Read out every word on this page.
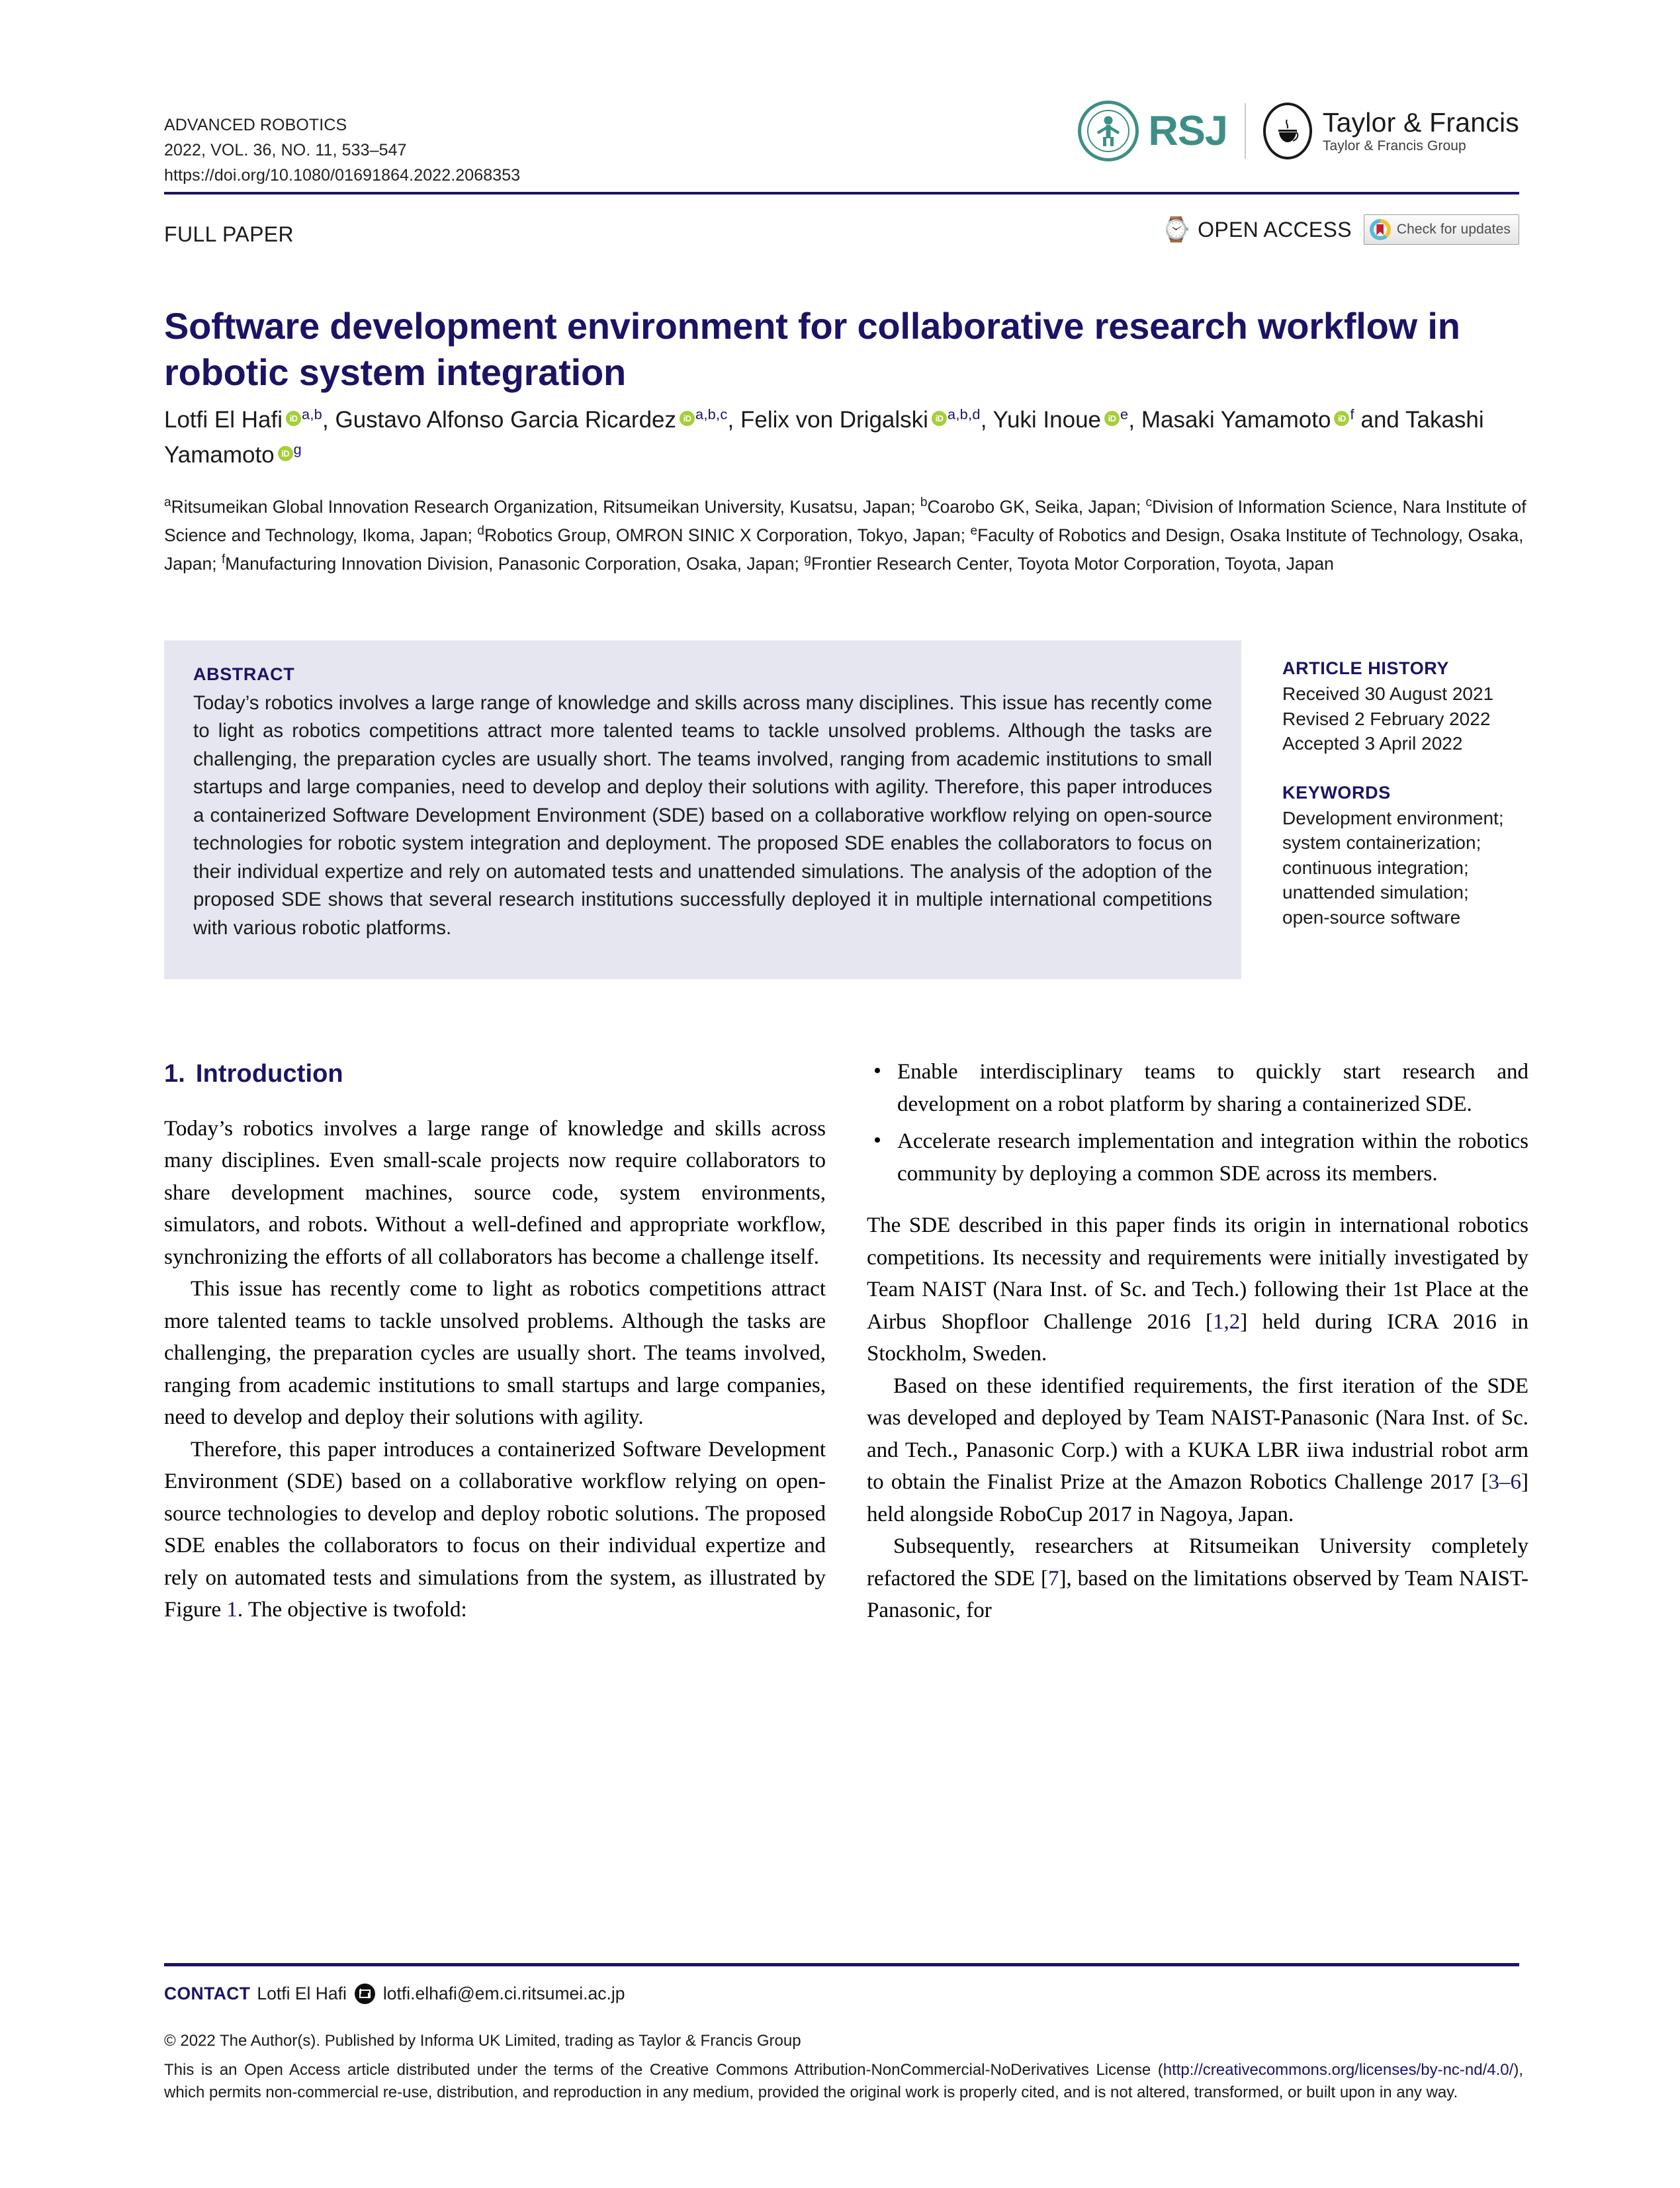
ADVANCED ROBOTICS
2022, VOL. 36, NO. 11, 533–547
https://doi.org/10.1080/01691864.2022.2068353
RSJ	Taylor & Francis
Taylor & Francis Group
FULL PAPER	⌚ OPEN ACCESS	Check for updates
Software development environment for collaborative research workflow in robotic system integration
Lotfi El Hafi iD $^{a,b}$, Gustavo Alfonso Garcia Ricardez iD $^{a,b,c}$, Felix von Drigalski iD $^{a,b,d}$, Yuki Inoue iD $^e$, Masaki Yamamoto iD $^f$ and Takashi Yamamoto iD $^g$
$^a$Ritsumeikan Global Innovation Research Organization, Ritsumeikan University, Kusatsu, Japan; $^b$Coarobo GK, Seika, Japan; $^c$Division of Information Science, Nara Institute of Science and Technology, Ikoma, Japan; $^d$Robotics Group, OMRON SINIC X Corporation, Tokyo, Japan; $^e$Faculty of Robotics and Design, Osaka Institute of Technology, Osaka, Japan; $^f$Manufacturing Innovation Division, Panasonic Corporation, Osaka, Japan; $^g$Frontier Research Center, Toyota Motor Corporation, Toyota, Japan
ABSTRACT
Today’s robotics involves a large range of knowledge and skills across many disciplines. This issue has recently come to light as robotics competitions attract more talented teams to tackle unsolved problems. Although the tasks are challenging, the preparation cycles are usually short. The teams involved, ranging from academic institutions to small startups and large companies, need to develop and deploy their solutions with agility. Therefore, this paper introduces a containerized Software Development Environment (SDE) based on a collaborative workflow relying on open-source technologies for robotic system integration and deployment. The proposed SDE enables the collaborators to focus on their individual expertize and rely on automated tests and unattended simulations. The analysis of the adoption of the proposed SDE shows that several research institutions successfully deployed it in multiple international competitions with various robotic platforms.
ARTICLE HISTORY
Received 30 August 2021
Revised 2 February 2022
Accepted 3 April 2022
KEYWORDS
Development environment;
system containerization;
continuous integration;
unattended simulation;
open-source software
1. Introduction

Today’s robotics involves a large range of knowledge and skills across many disciplines. Even small-scale projects now require collaborators to share development machines, source code, system environments, simulators, and robots. Without a well-defined and appropriate workflow, synchronizing the efforts of all collaborators has become a challenge itself.

This issue has recently come to light as robotics competitions attract more talented teams to tackle unsolved problems. Although the tasks are challenging, the preparation cycles are usually short. The teams involved, ranging from academic institutions to small startups and large companies, need to develop and deploy their solutions with agility.

Therefore, this paper introduces a containerized Software Development Environment (SDE) based on a collaborative workflow relying on open-source technologies to develop and deploy robotic solutions. The proposed SDE enables the collaborators to focus on their individual expertize and rely on automated tests and simulations from the system, as illustrated by Figure 1. The objective is twofold:

• Enable interdisciplinary teams to quickly start research and development on a robot platform by sharing a containerized SDE.
• Accelerate research implementation and integration within the robotics community by deploying a common SDE across its members.

The SDE described in this paper finds its origin in international robotics competitions. Its necessity and requirements were initially investigated by Team NAIST (Nara Inst. of Sc. and Tech.) following their 1st Place at the Airbus Shopfloor Challenge 2016 [1,2] held during ICRA 2016 in Stockholm, Sweden.

Based on these identified requirements, the first iteration of the SDE was developed and deployed by Team NAIST-Panasonic (Nara Inst. of Sc. and Tech., Panasonic Corp.) with a KUKA LBR iiwa industrial robot arm to obtain the Finalist Prize at the Amazon Robotics Challenge 2017 [3–6] held alongside RoboCup 2017 in Nagoya, Japan.

Subsequently, researchers at Ritsumeikan University completely refactored the SDE [7], based on the limitations observed by Team NAIST-Panasonic, for

CONTACT Lotfi El Hafi lotfi.elhafi@em.ci.ritsumei.ac.jp
© 2022 The Author(s). Published by Informa UK Limited, trading as Taylor & Francis Group
This is an Open Access article distributed under the terms of the Creative Commons Attribution-NonCommercial-NoDerivatives License (http://creativecommons.org/licenses/by-nc-nd/4.0/), which permits non-commercial re-use, distribution, and reproduction in any medium, provided the original work is properly cited, and is not altered, transformed, or built upon in any way.
